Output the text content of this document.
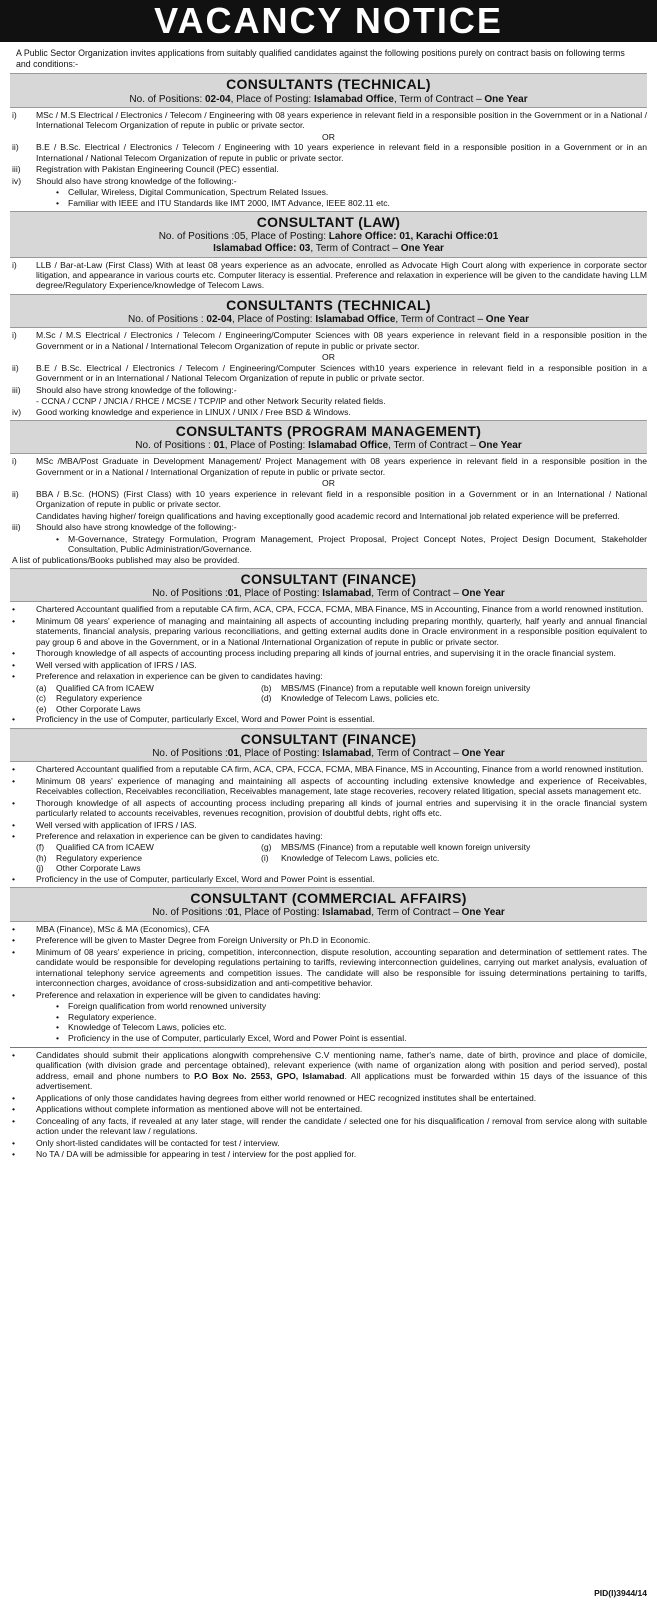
VACANCY NOTICE

A Public Sector Organization invites applications from suitably qualified candidates against the following positions purely on contract basis on following terms and conditions:-

CONSULTANTS (TECHNICAL)
No. of Positions: 02-04, Place of Posting: Islamabad Office, Term of Contract – One Year
i)	MSc / M.S Electrical / Electronics / Telecom / Engineering with 08 years experience in relevant field in a responsible position in the Government or in a National / International Telecom Organization of repute in public or private sector.
OR
ii)	B.E / B.Sc. Electrical / Electronics / Telecom / Engineering with 10 years experience in relevant field in a responsible position in a Government or in an International / National Telecom Organization of repute in public or private sector.
iii)	Registration with Pakistan Engineering Council (PEC) essential.
iv)	Should also have strong knowledge of the following:-
•	Cellular, Wireless, Digital Communication, Spectrum Related Issues.
•	Familiar with IEEE and ITU Standards like IMT 2000, IMT Advance, IEEE 802.11 etc.
CONSULTANT (LAW)
No. of Positions :05, Place of Posting: Lahore Office: 01, Karachi Office:01
Islamabad Office: 03, Term of Contract – One Year
i)	LLB / Bar-at-Law (First Class) With at least 08 years experience as an advocate, enrolled as Advocate High Court along with experience in corporate sector litigation, and appearance in various courts etc. Computer literacy is essential. Preference and relaxation in experience will be given to the candidate having LLM degree/Regulatory Experience/knowledge of Telecom Laws.
CONSULTANTS (TECHNICAL)
No. of Positions : 02-04, Place of Posting: Islamabad Office, Term of Contract – One Year
i)	M.Sc / M.S Electrical / Electronics / Telecom / Engineering/Computer Sciences with 08 years experience in relevant field in a responsible position in the Government or in a National / International Telecom Organization of repute in public or private sector.
OR
ii)	B.E / B.Sc. Electrical / Electronics / Telecom / Engineering/Computer Sciences with10 years experience in relevant field in a responsible position in a Government or in an International / National Telecom Organization of repute in public or private sector.
iii)	Should also have strong knowledge of the following:-
- CCNA / CCNP / JNCIA / RHCE / MCSE / TCP/IP and other Network Security related fields.
iv)	Good working knowledge and experience in LINUX / UNIX / Free BSD & Windows.
CONSULTANTS (PROGRAM MANAGEMENT)
No. of Positions : 01, Place of Posting: Islamabad Office, Term of Contract – One Year
i)	MSc /MBA/Post Graduate in Development Management/ Project Management with 08 years experience in relevant field in a responsible position in the Government or in a National / International Organization of repute in public or private sector.
OR
ii)	BBA / B.Sc. (HONS) (First Class) with 10 years experience in relevant field in a responsible position in a Government or in an International / National Organization of repute in public or private sector.
Candidates having higher/ foreign qualifications and having exceptionally good academic record and International job related experience will be preferred.
iii)	Should also have strong knowledge of the following:-
•	M-Governance, Strategy Formulation, Program Management, Project Proposal, Project Concept Notes, Project Design Document, Stakeholder Consultation, Public Administration/Governance.
A list of publications/Books published may also be provided.
CONSULTANT (FINANCE)
No. of Positions :01, Place of Posting: Islamabad, Term of Contract – One Year
•	Chartered Accountant qualified from a reputable CA firm, ACA, CPA, FCCA, FCMA, MBA Finance, MS in Accounting, Finance from a world renowned institution.
•	Minimum 08 years' experience of managing and maintaining all aspects of accounting including preparing monthly, quarterly, half yearly and annual financial statements, financial analysis, preparing various reconciliations, and getting external audits done in Oracle environment in a responsible position equivalent to pay group 6 and above in the Government, or in a National /International Organization of repute in public or private sector.
•	Thorough knowledge of all aspects of accounting process including preparing all kinds of journal entries, and supervising it in the oracle financial system.
•	Well versed with application of IFRS / IAS.
•	Preference and relaxation in experience can be given to candidates having:
(a)	Qualified CA from ICAEW	(b)	MBS/MS (Finance) from a reputable well known foreign university
(c)	Regulatory experience	(d)	Knowledge of Telecom Laws, policies etc.
(e)	Other Corporate Laws
•	Proficiency in the use of Computer, particularly Excel, Word and Power Point is essential.
CONSULTANT (FINANCE)
No. of Positions :01, Place of Posting: Islamabad, Term of Contract – One Year
•	Chartered Accountant qualified from a reputable CA firm, ACA, CPA, FCCA, FCMA, MBA Finance, MS in Accounting, Finance from a world renowned institution.
•	Minimum 08 years' experience of managing and maintaining all aspects of accounting including extensive knowledge and experience of Receivables, Receivables collection, Receivables reconciliation, Receivables management, late stage recoveries, recovery related litigation, special assets management etc.
•	Thorough knowledge of all aspects of accounting process including preparing all kinds of journal entries and supervising it in the oracle financial system particularly related to accounts receivables, revenues recognition, provision of doubtful debts, right offs etc.
•	Well versed with application of IFRS / IAS.
•	Preference and relaxation in experience can be given to candidates having:
(f)	Qualified CA from ICAEW	(g)	MBS/MS (Finance) from a reputable well known foreign university
(h)	Regulatory experience	(i)	Knowledge of Telecom Laws, policies etc.
(j)	Other Corporate Laws
•	Proficiency in the use of Computer, particularly Excel, Word and Power Point is essential.
CONSULTANT (COMMERCIAL AFFAIRS)
No. of Positions :01, Place of Posting: Islamabad, Term of Contract – One Year
•	MBA (Finance), MSc & MA (Economics), CFA
•	Preference will be given to Master Degree from Foreign University or Ph.D in Economic.
•	Minimum of 08 years' experience in pricing, competition, interconnection, dispute resolution, accounting separation and determination of settlement rates. The candidate would be responsible for developing regulations pertaining to tariffs, reviewing interconnection guidelines, carrying out market analysis, evaluation of international telephony service agreements and competition issues. The candidate will also be responsible for issuing determinations pertaining to tariffs, interconnection charges, avoidance of cross-subsidization and anti-competitive behavior.
•	Preference and relaxation in experience will be given to candidates having:
•	Foreign qualification from world renowned university
•	Regulatory experience.
•	Knowledge of Telecom Laws, policies etc.
•	Proficiency in the use of Computer, particularly Excel, Word and Power Point is essential.
•	Candidates should submit their applications alongwith comprehensive C.V mentioning name, father's name, date of birth, province and place of domicile, qualification (with division grade and percentage obtained), relevant experience (with name of organization along with position and period served), postal address, email and phone numbers to P.O Box No. 2553, GPO, Islamabad. All applications must be forwarded within 15 days of the issuance of this advertisement.
•	Applications of only those candidates having degrees from either world renowned or HEC recognized institutes shall be entertained.
•	Applications without complete information as mentioned above will not be entertained.
•	Concealing of any facts, if revealed at any later stage, will render the candidate / selected one for his disqualification / removal from service along with suitable action under the relevant law / regulations.
•	Only short-listed candidates will be contacted for test / interview.
•	No TA / DA will be admissible for appearing in test / interview for the post applied for.
PID(I)3944/14
